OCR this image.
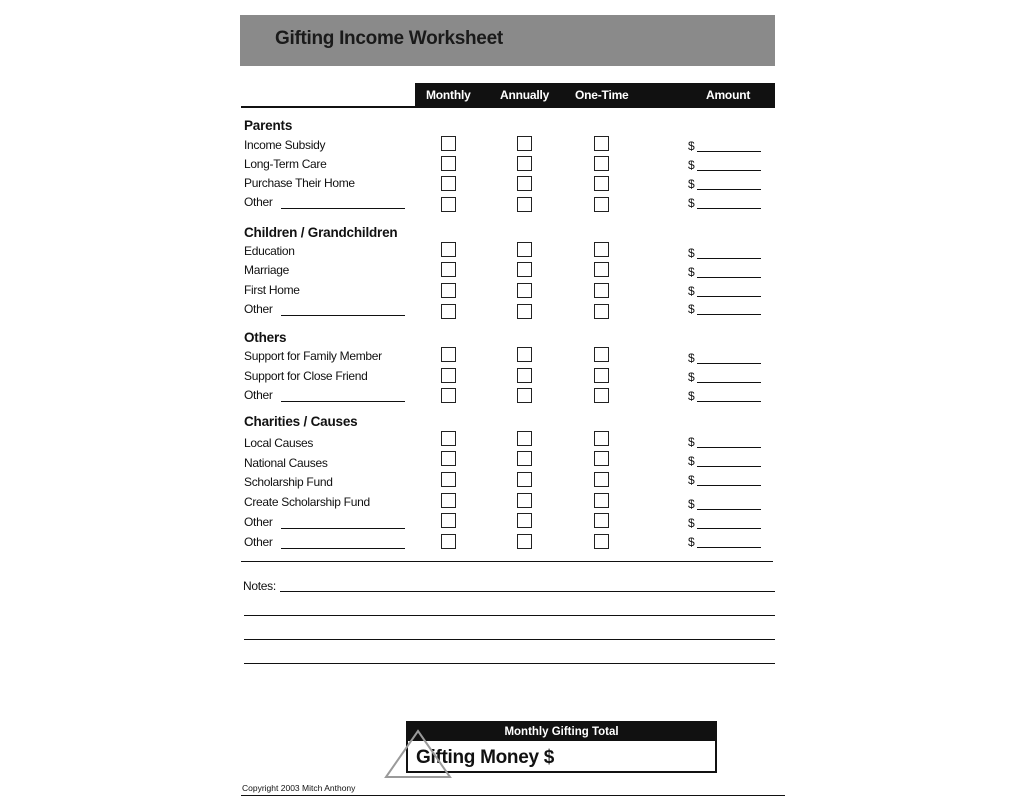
Gifting Income Worksheet
Monthly Annually One-Time	Amount
Parents
Income Subsidy
Long-Term Care
Purchase Their Home
Other
Children / Grandchildren
Education
Marriage
First Home
Other
Others
Support for Family Member
Support for Close Friend
Other
Charities / Causes
Local Causes
National Causes
Scholarship Fund
Create Scholarship Fund
Other
Other
$
$
$
$
$
$
$
$
$
$
$
$
$
$
$
$
$
Notes:
Monthly Gifting Total
Gifting Money $
Copyright 2003 Mitch Anthony
